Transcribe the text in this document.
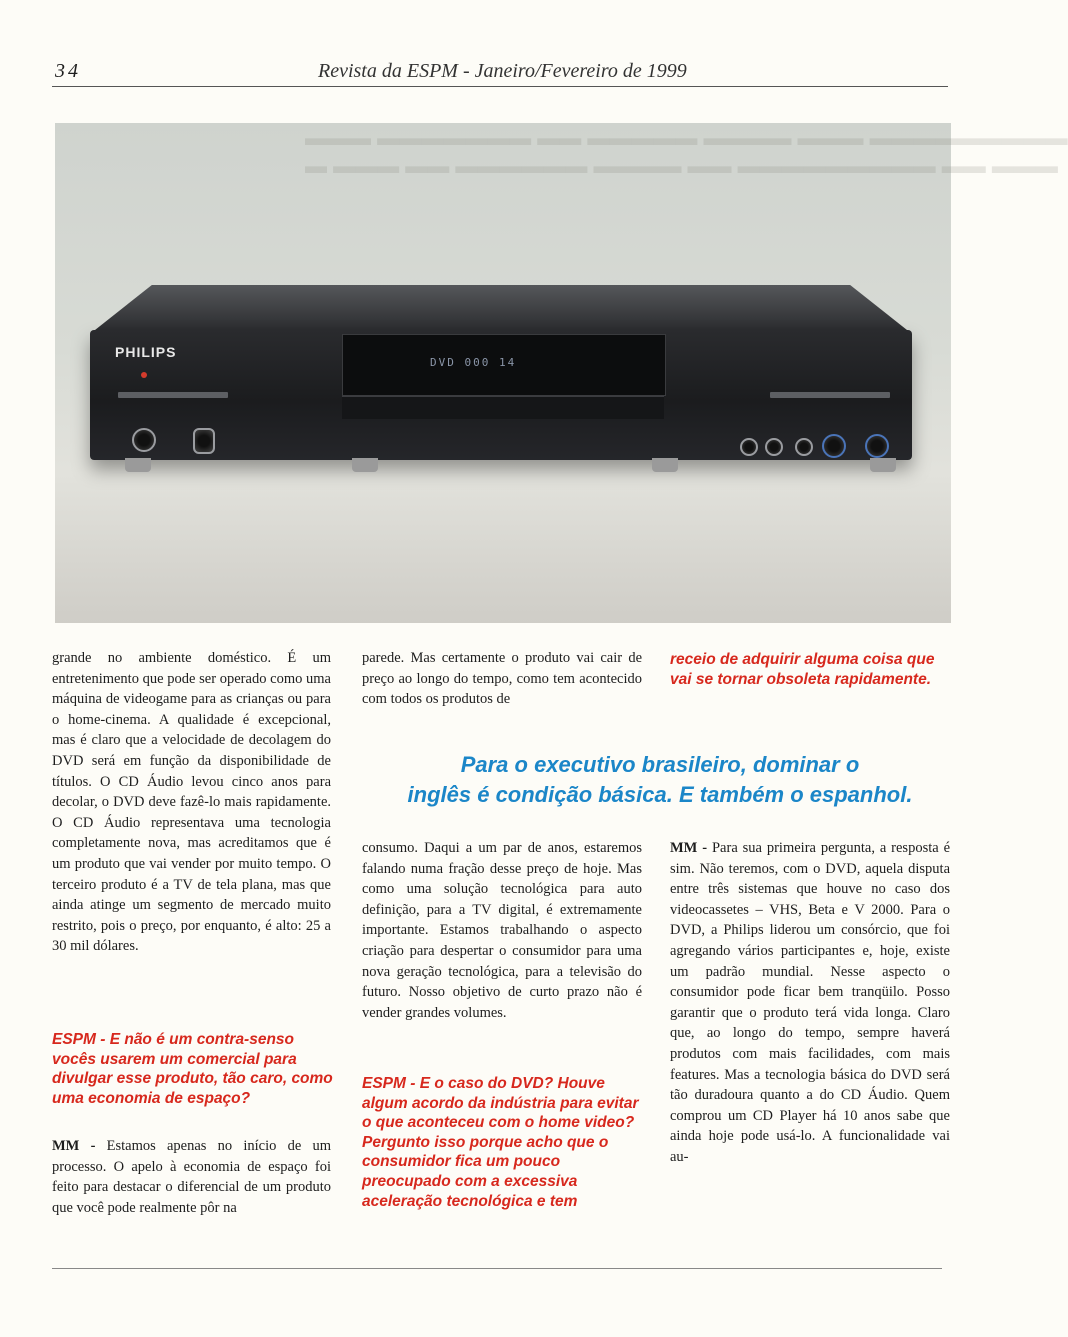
34	Revista da ESPM - Janeiro/Fevereiro de 1999
▬▬▬ ▬▬▬▬▬▬▬ ▬▬ ▬▬▬▬▬ ▬▬▬▬ ▬▬▬ ▬▬▬▬▬▬▬▬▬
▬ ▬▬▬ ▬▬ ▬▬▬▬▬▬ ▬▬▬▬ ▬▬ ▬▬▬▬▬▬▬▬▬ ▬▬ ▬▬▬
DVD 000 14
PHILIPS

grande no ambiente doméstico. É um entretenimento que pode ser operado como uma máquina de videogame para as crianças ou para o home-cinema. A qualidade é excepcional, mas é claro que a velocidade de decolagem do DVD será em função da disponibilidade de títulos. O CD Áudio levou cinco anos para decolar, o DVD deve fazê-lo mais rapidamente. O CD Áudio representava uma tecnologia completamente nova, mas acreditamos que é um produto que vai vender por muito tempo. O terceiro produto é a TV de tela plana, mas que ainda atinge um segmento de mercado muito restrito, pois o preço, por enquanto, é alto: 25 a 30 mil dólares.

ESPM - E não é um contra-senso vocês usarem um comercial para divulgar esse produto, tão caro, como uma economia de espaço?

MM - Estamos apenas no início de um processo. O apelo à economia de espaço foi feito para destacar o diferencial de um produto que você pode realmente pôr na

parede. Mas certamente o produto vai cair de preço ao longo do tempo, como tem acontecido com todos os produtos de

consumo. Daqui a um par de anos, estaremos falando numa fração desse preço de hoje. Mas como uma solução tecnológica para auto definição, para a TV digital, é extremamente importante. Estamos trabalhando o aspecto criação para despertar o consumidor para uma nova geração tecnológica, para a televisão do futuro. Nosso objetivo de curto prazo não é vender grandes volumes.

ESPM - E o caso do DVD? Houve algum acordo da indústria para evitar o que aconteceu com o home video? Pergunto isso porque acho que o consumidor fica um pouco preocupado com a excessiva aceleração tecnológica e tem

receio de adquirir alguma coisa que vai se tornar obsoleta rapidamente.

MM - Para sua primeira pergunta, a resposta é sim. Não teremos, com o DVD, aquela disputa entre três sistemas que houve no caso dos videocassetes – VHS, Beta e V 2000. Para o DVD, a Philips liderou um consórcio, que foi agregando vários participantes e, hoje, existe um padrão mundial. Nesse aspecto o consumidor pode ficar bem tranqüilo. Posso garantir que o produto terá vida longa. Claro que, ao longo do tempo, sempre haverá produtos com mais facilidades, com mais features. Mas a tecnologia básica do DVD será tão duradoura quanto a do CD Áudio. Quem comprou um CD Player há 10 anos sabe que ainda hoje pode usá-lo. A funcionalidade vai au-

Para o executivo brasileiro, dominar o

inglês é condição básica. E também o espanhol.
